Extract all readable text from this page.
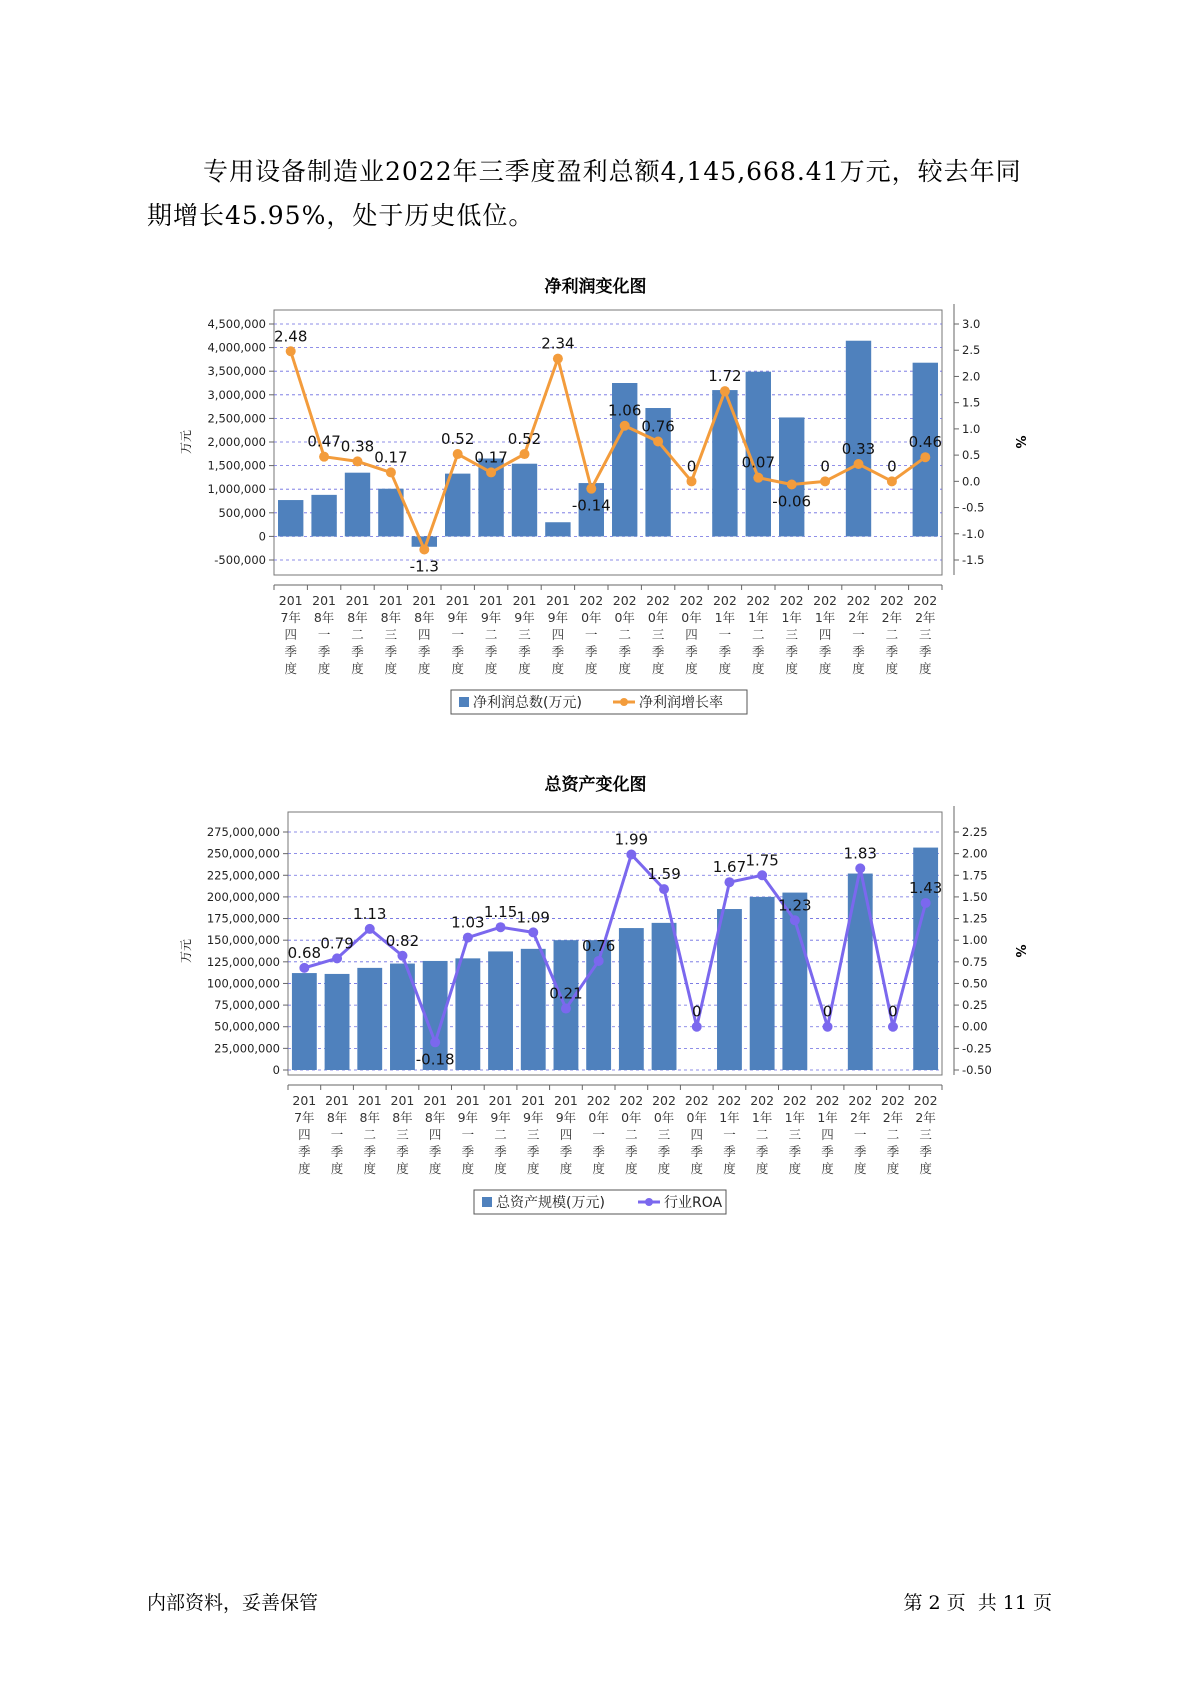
专用设备制造业2022年三季度盈利总额4,145,668.41万元，较去年同
期增长45.95%，处于历史低位。
净利润变化图
-500,000
0
500,000
1,000,000
1,500,000
2,000,000
2,500,000
3,000,000
3,500,000
4,000,000
4,500,000
-1.5
-1.0
-0.5
0.0
0.5
1.0
1.5
2.0
2.5
3.0
万元	%
201 7年四季度
201 8年一季度
201 8年二季度
201 8年三季度
201 8年四季度
201 9年一季度
201 9年二季度
201 9年三季度
201 9年四季度
202 0年一季度
202 0年二季度
202 0年三季度
202 0年四季度
202 1年一季度
202 1年二季度
202 1年三季度
202 1年四季度
202 2年一季度
202 2年二季度
202 2年三季度
2.48
0.47 0.38
0.17
-1.3
0.52
0.17
0.52
2.34
-0.14
1.06
0.76
0
1.72
0.07
-0.06
0
0.33
0
0.46
净利润总数(万元)	净利润增长率
总资产变化图
0
25,000,000
50,000,000
75,000,000
100,000,000
125,000,000
150,000,000
175,000,000
200,000,000
225,000,000
250,000,000
275,000,000
-0.50
-0.25
0.00
0.25
0.50
0.75
1.00
1.25
1.50
1.75
2.00
2.25
万元	%
201 7年四季度
201 8年一季度
201 8年二季度
201 8年三季度
201 8年四季度
201 9年一季度
201 9年二季度
201 9年三季度
201 9年四季度
202 0年一季度
202 0年二季度
202 0年三季度
202 0年四季度
202 1年一季度
202 1年二季度
202 1年三季度
202 1年四季度
202 2年一季度
202 2年二季度
202 2年三季度
0.68
0.79
1.13
0.82
-0.18
1.03
1.15 1.09
0.21
0.76
1.99
1.59
0
1.67 1.75
1.23
0
1.83
0
1.43
总资产规模(万元)	行业ROA
内部资料，妥善保管	第 2 页  共 11 页
